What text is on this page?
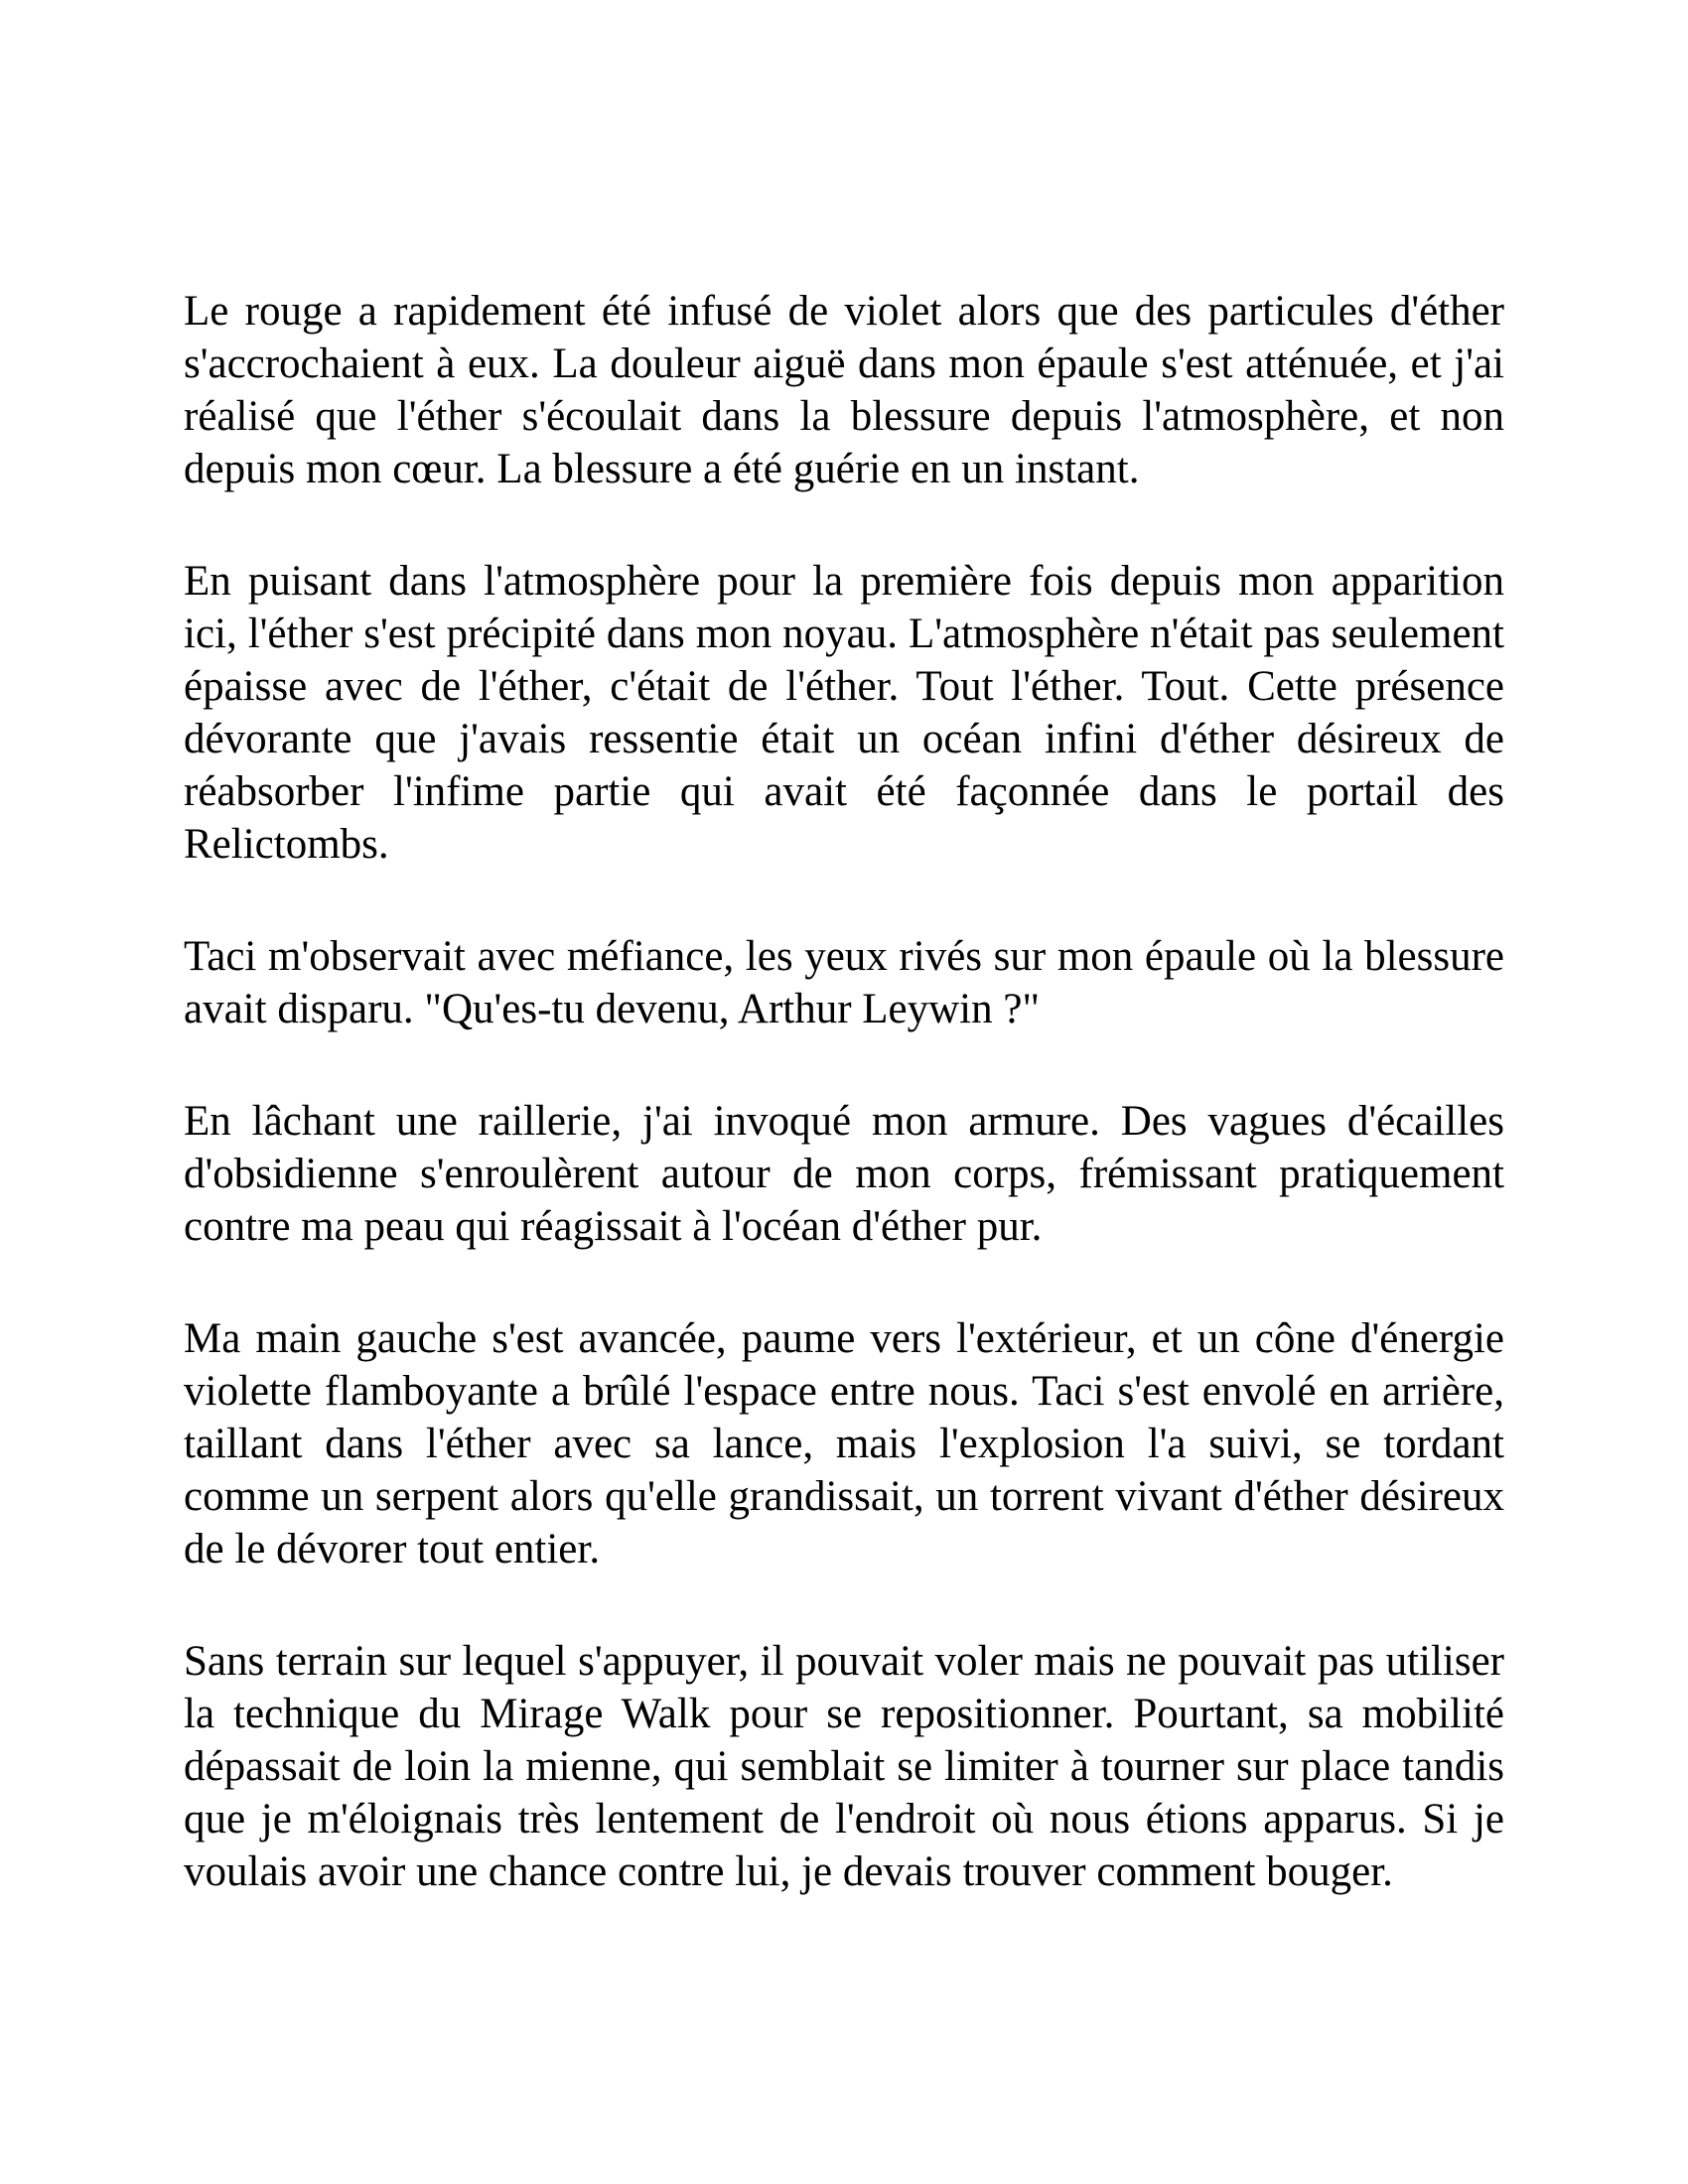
Le rouge a rapidement été infusé de violet alors que des particules d'éther s'accrochaient à eux. La douleur aiguë dans mon épaule s'est atténuée, et j'ai réalisé que l'éther s'écoulait dans la blessure depuis l'atmosphère, et non depuis mon cœur. La blessure a été guérie en un instant.

En puisant dans l'atmosphère pour la première fois depuis mon apparition ici, l'éther s'est précipité dans mon noyau. L'atmosphère n'était pas seulement épaisse avec de l'éther, c'était de l'éther. Tout l'éther. Tout. Cette présence dévorante que j'avais ressentie était un océan infini d'éther désireux de réabsorber l'infime partie qui avait été façonnée dans le portail des Relictombs.

Taci m'observait avec méfiance, les yeux rivés sur mon épaule où la blessure avait disparu. "Qu'es-tu devenu, Arthur Leywin ?"

En lâchant une raillerie, j'ai invoqué mon armure. Des vagues d'écailles d'obsidienne s'enroulèrent autour de mon corps, frémissant pratiquement contre ma peau qui réagissait à l'océan d'éther pur.

Ma main gauche s'est avancée, paume vers l'extérieur, et un cône d'énergie violette flamboyante a brûlé l'espace entre nous. Taci s'est envolé en arrière, taillant dans l'éther avec sa lance, mais l'explosion l'a suivi, se tordant comme un serpent alors qu'elle grandissait, un torrent vivant d'éther désireux de le dévorer tout entier.

Sans terrain sur lequel s'appuyer, il pouvait voler mais ne pouvait pas utiliser la technique du Mirage Walk pour se repositionner. Pourtant, sa mobilité dépassait de loin la mienne, qui semblait se limiter à tourner sur place tandis que je m'éloignais très lentement de l'endroit où nous étions apparus. Si je voulais avoir une chance contre lui, je devais trouver comment bouger.
